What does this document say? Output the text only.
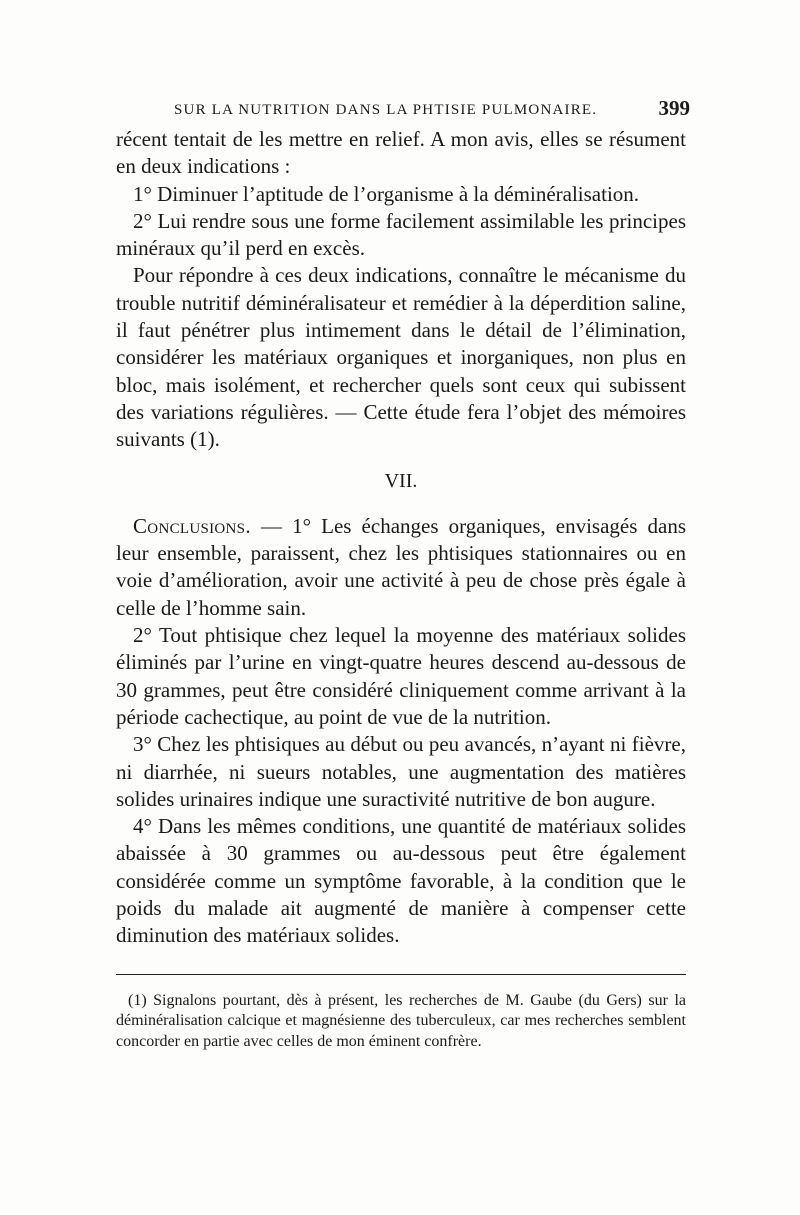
SUR LA NUTRITION DANS LA PHTISIE PULMONAIRE.	399

récent tentait de les mettre en relief. A mon avis, elles se résument en deux indications :

1° Diminuer l’aptitude de l’organisme à la déminéralisation.

2° Lui rendre sous une forme facilement assimilable les principes minéraux qu’il perd en excès.

Pour répondre à ces deux indications, connaître le mécanisme du trouble nutritif déminéralisateur et remédier à la déperdition saline, il faut pénétrer plus intimement dans le détail de l’élimination, considérer les matériaux organiques et inorganiques, non plus en bloc, mais isolément, et rechercher quels sont ceux qui subissent des variations régulières. — Cette étude fera l’objet des mémoires suivants (1).

VII.

Conclusions. — 1° Les échanges organiques, envisagés dans leur ensemble, paraissent, chez les phtisiques stationnaires ou en voie d’amélioration, avoir une activité à peu de chose près égale à celle de l’homme sain.

2° Tout phtisique chez lequel la moyenne des matériaux solides éliminés par l’urine en vingt-quatre heures descend au-dessous de 30 grammes, peut être considéré cliniquement comme arrivant à la période cachectique, au point de vue de la nutrition.

3° Chez les phtisiques au début ou peu avancés, n’ayant ni fièvre, ni diarrhée, ni sueurs notables, une augmentation des matières solides urinaires indique une suractivité nutritive de bon augure.

4° Dans les mêmes conditions, une quantité de matériaux solides abaissée à 30 grammes ou au-dessous peut être également considérée comme un symptôme favorable, à la condition que le poids du malade ait augmenté de manière à compenser cette diminution des matériaux solides.

(1) Signalons pourtant, dès à présent, les recherches de M. Gaube (du Gers) sur la déminéralisation calcique et magnésienne des tuberculeux, car mes recherches semblent concorder en partie avec celles de mon éminent confrère.
